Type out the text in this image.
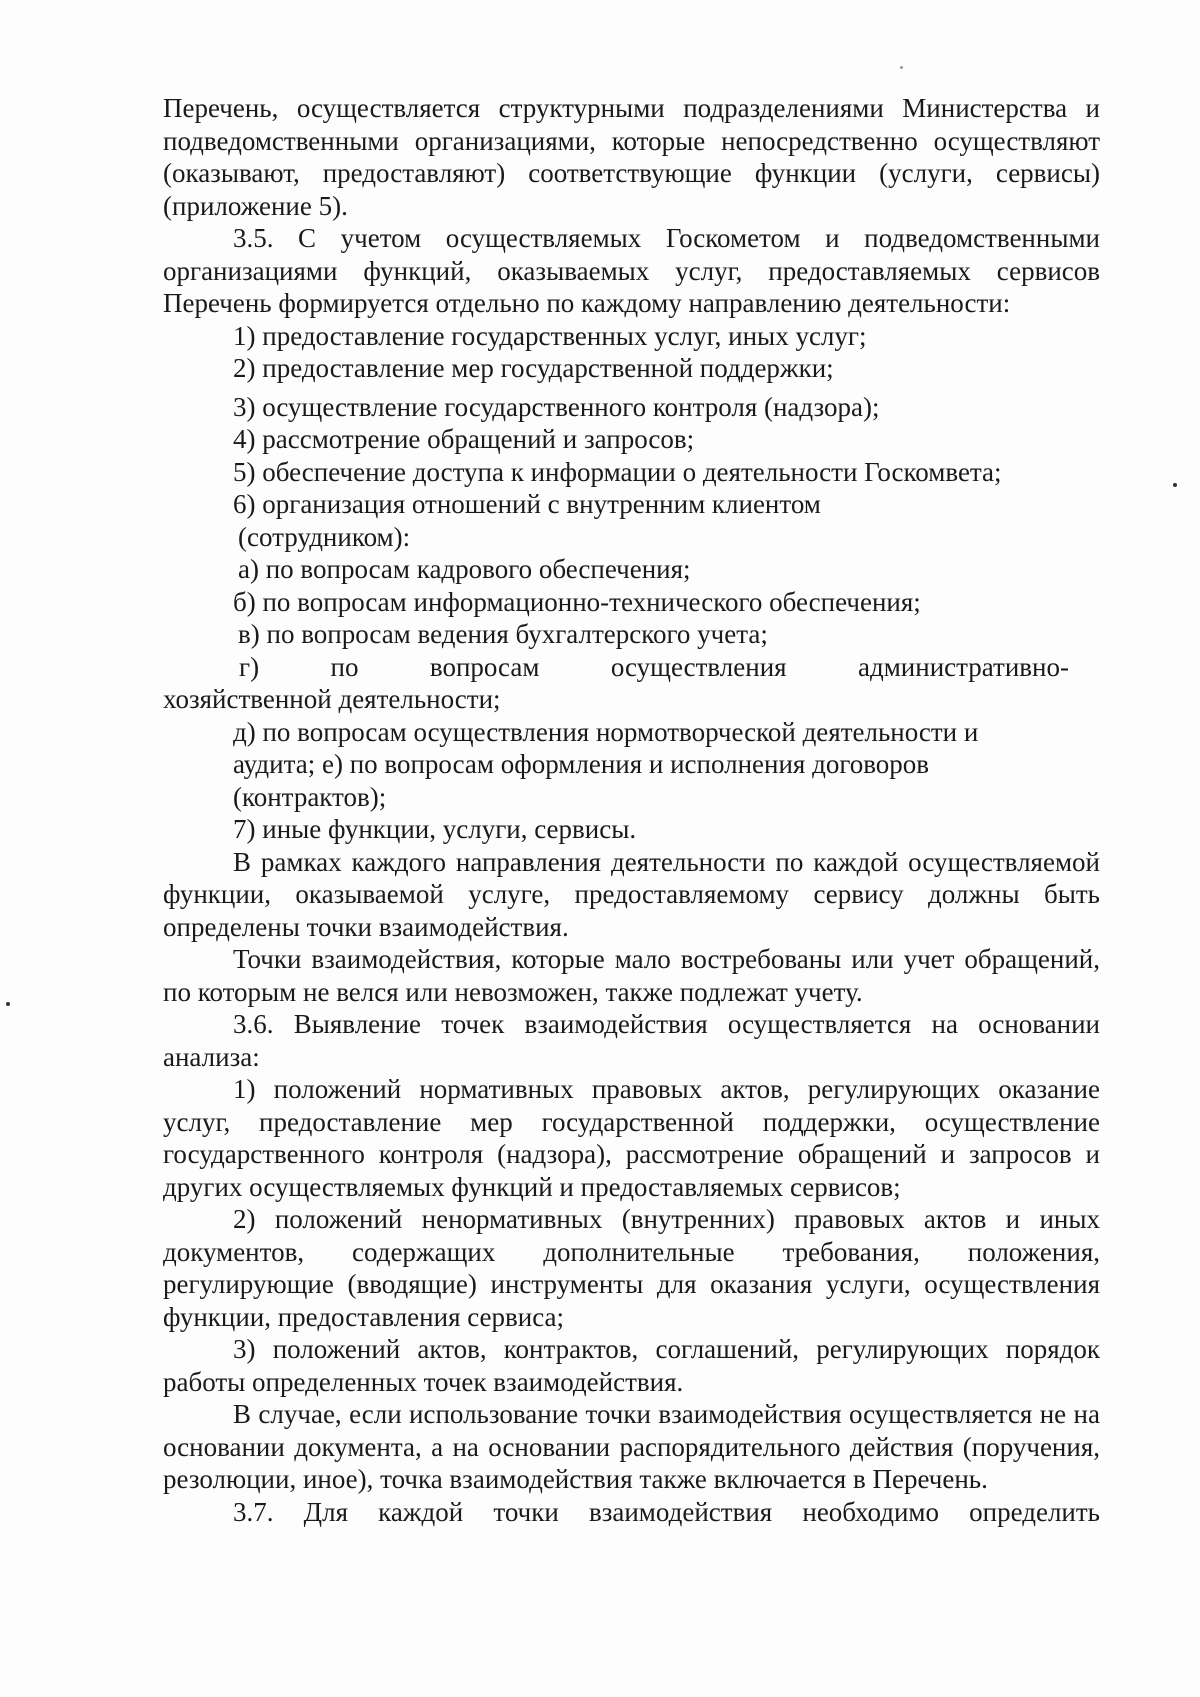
Перечень, осуществляется структурными подразделениями Министерства и подведомственными организациями, которые непосредственно осуществляют (оказывают, предоставляют) соответствующие функции (услуги, сервисы) (приложение 5).

3.5. С учетом осуществляемых Госкометом и подведомственными организациями функций, оказываемых услуг, предоставляемых сервисов Перечень формируется отдельно по каждому направлению деятельности:

1) предоставление государственных услуг, иных услуг;

2) предоставление мер государственной поддержки;

3) осуществление государственного контроля (надзора);

4) рассмотрение обращений и запросов;

5) обеспечение доступа к информации о деятельности Госкомвета;

6) организация отношений с внутренним клиентом

(сотрудником):

а) по вопросам кадрового обеспечения;

б) по вопросам информационно-технического обеспечения;

в) по вопросам ведения бухгалтерского учета;

г) по вопросам осуществления административно-

хозяйственной деятельности;

д) по вопросам осуществления нормотворческой деятельности и

аудита; е) по вопросам оформления и исполнения договоров

(контрактов);

7) иные функции, услуги, сервисы.

В рамках каждого направления деятельности по каждой осуществляемой функции, оказываемой услуге, предоставляемому сервису должны быть определены точки взаимодействия.

Точки взаимодействия, которые мало востребованы или учет обращений, по которым не велся или невозможен, также подлежат учету.

3.6. Выявление точек взаимодействия осуществляется на основании анализа:

1) положений нормативных правовых актов, регулирующих оказание услуг, предоставление мер государственной поддержки, осуществление государственного контроля (надзора), рассмотрение обращений и запросов и других осуществляемых функций и предоставляемых сервисов;

2) положений ненормативных (внутренних) правовых актов и иных документов, содержащих дополнительные требования, положения, регулирующие (вводящие) инструменты для оказания услуги, осуществления функции, предоставления сервиса;

3) положений актов, контрактов, соглашений, регулирующих порядок работы определенных точек взаимодействия.

В случае, если использование точки взаимодействия осуществляется не на основании документа, а на основании распорядительного действия (поручения, резолюции, иное), точка взаимодействия также включается в Перечень.

3.7. Для каждой точки взаимодействия необходимо определить
